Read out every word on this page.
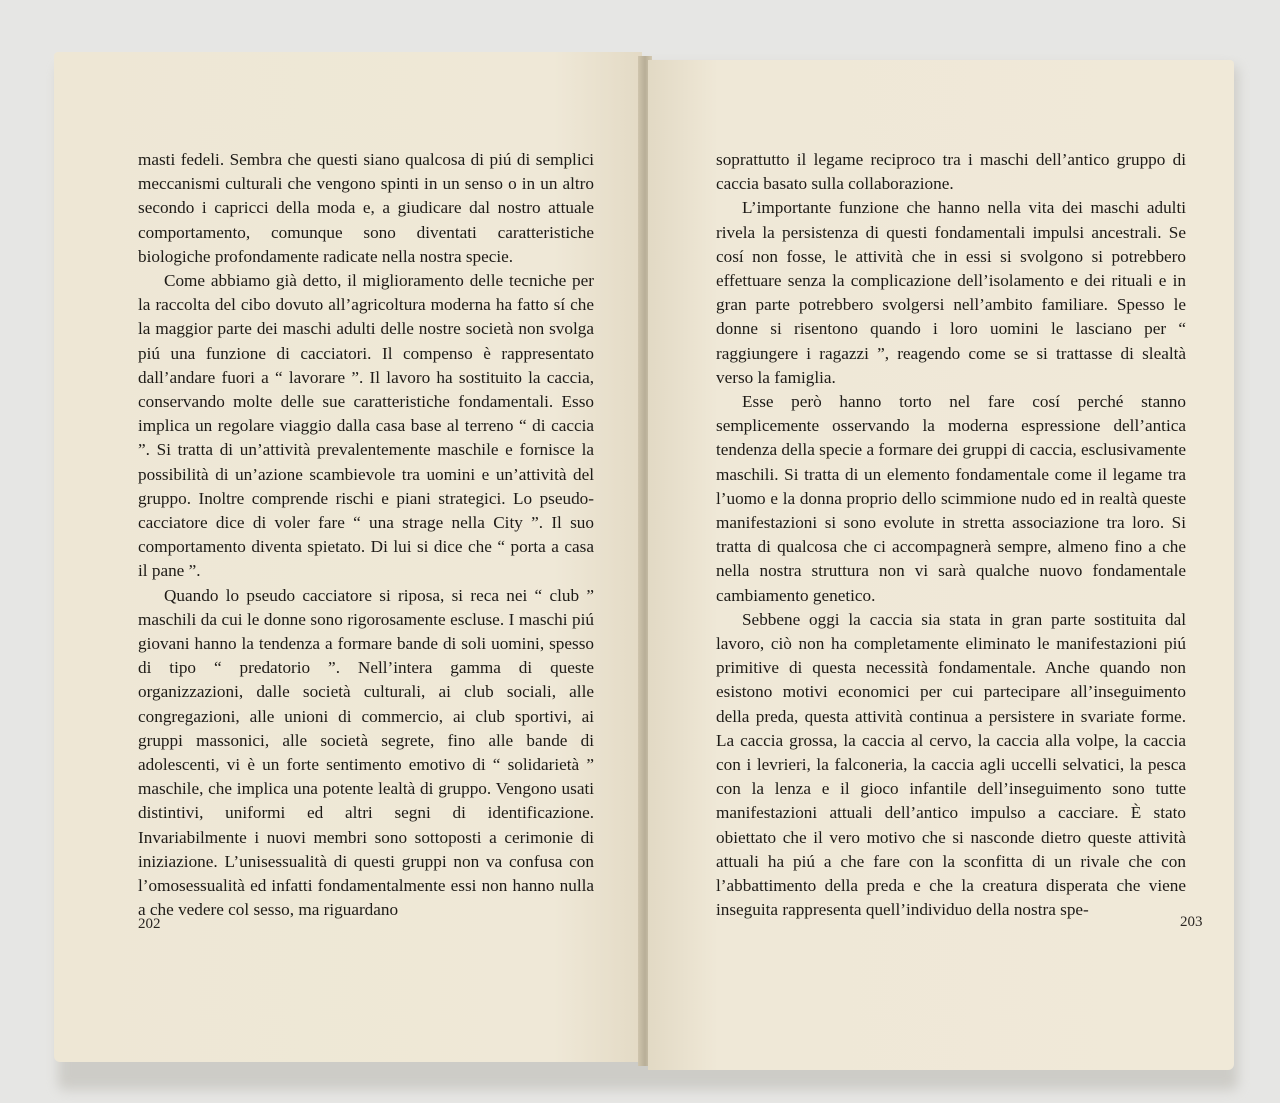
masti fedeli. Sembra che questi siano qualcosa di piú di semplici meccanismi culturali che vengono spinti in un senso o in un altro secondo i capricci della moda e, a giudicare dal nostro attuale comportamento, comunque sono diventati caratteristiche biologiche profondamente radicate nella nostra specie.

Come abbiamo già detto, il miglioramento delle tecniche per la raccolta del cibo dovuto all’agricoltura moderna ha fatto sí che la maggior parte dei maschi adulti delle nostre società non svolga piú una funzione di cacciatori. Il compenso è rappresentato dall’andare fuori a “ lavorare ”. Il lavoro ha sostituito la caccia, conservando molte delle sue caratteristiche fondamentali. Esso implica un regolare viaggio dalla casa base al terreno “ di caccia ”. Si tratta di un’attività prevalentemente maschile e fornisce la possibilità di un’azione scambievole tra uomini e un’attività del gruppo. Inoltre comprende rischi e piani strategici. Lo pseudo-cacciatore dice di voler fare “ una strage nella City ”. Il suo comportamento diventa spietato. Di lui si dice che “ porta a casa il pane ”.

Quando lo pseudo cacciatore si riposa, si reca nei “ club ” maschili da cui le donne sono rigorosamente escluse. I maschi piú giovani hanno la tendenza a formare bande di soli uomini, spesso di tipo “ predatorio ”. Nell’intera gamma di queste organizzazioni, dalle società culturali, ai club sociali, alle congregazioni, alle unioni di commercio, ai club sportivi, ai gruppi massonici, alle società segrete, fino alle bande di adolescenti, vi è un forte sentimento emotivo di “ solidarietà ” maschile, che implica una potente lealtà di gruppo. Vengono usati distintivi, uniformi ed altri segni di identificazione. Invariabilmente i nuovi membri sono sottoposti a cerimonie di iniziazione. L’unisessualità di questi gruppi non va confusa con l’omosessualità ed infatti fondamentalmente essi non hanno nulla a che vedere col sesso, ma riguardano

202

soprattutto il legame reciproco tra i maschi dell’antico gruppo di caccia basato sulla collaborazione.

L’importante funzione che hanno nella vita dei maschi adulti rivela la persistenza di questi fondamentali impulsi ancestrali. Se cosí non fosse, le attività che in essi si svolgono si potrebbero effettuare senza la complicazione dell’isolamento e dei rituali e in gran parte potrebbero svolgersi nell’ambito familiare. Spesso le donne si risentono quando i loro uomini le lasciano per “ raggiungere i ragazzi ”, reagendo come se si trattasse di slealtà verso la famiglia.

Esse però hanno torto nel fare cosí perché stanno semplicemente osservando la moderna espressione dell’antica tendenza della specie a formare dei gruppi di caccia, esclusivamente maschili. Si tratta di un elemento fondamentale come il legame tra l’uomo e la donna proprio dello scimmione nudo ed in realtà queste manifestazioni si sono evolute in stretta associazione tra loro. Si tratta di qualcosa che ci accompagnerà sempre, almeno fino a che nella nostra struttura non vi sarà qualche nuovo fondamentale cambiamento genetico.

Sebbene oggi la caccia sia stata in gran parte sostituita dal lavoro, ciò non ha completamente eliminato le manifestazioni piú primitive di questa necessità fondamentale. Anche quando non esistono motivi economici per cui partecipare all’inseguimento della preda, questa attività continua a persistere in svariate forme. La caccia grossa, la caccia al cervo, la caccia alla volpe, la caccia con i levrieri, la falconeria, la caccia agli uccelli selvatici, la pesca con la lenza e il gioco infantile dell’inseguimento sono tutte manifestazioni attuali dell’antico impulso a cacciare. È stato obiettato che il vero motivo che si nasconde dietro queste attività attuali ha piú a che fare con la sconfitta di un rivale che con l’abbattimento della preda e che la creatura disperata che viene inseguita rappresenta quell’individuo della nostra spe-

203
